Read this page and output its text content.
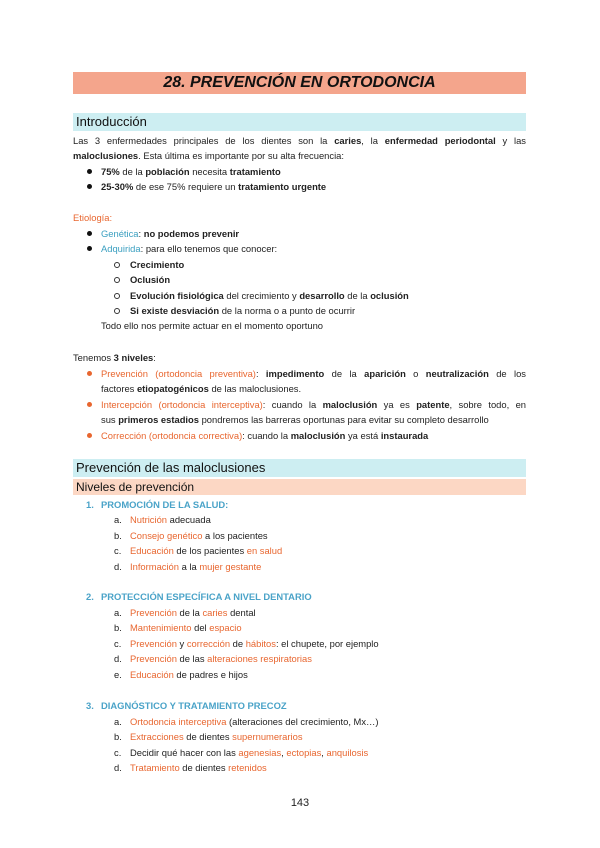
28. PREVENCIÓN EN ORTODONCIA
Introducción
Las 3 enfermedades principales de los dientes son la caries, la enfermedad periodontal y las
maloclusiones. Esta última es importante por su alta frecuencia:
75% de la población necesita tratamiento
25-30% de ese 75% requiere un tratamiento urgente
Etiología:
Genética: no podemos prevenir
Adquirida: para ello tenemos que conocer:
Crecimiento
Oclusión
Evolución fisiológica del crecimiento y desarrollo de la oclusión
Si existe desviación de la norma o a punto de ocurrir
Todo ello nos permite actuar en el momento oportuno
Tenemos 3 niveles:
Prevención (ortodoncia preventiva): impedimento de la aparición o neutralización de los
factores etiopatogénicos de las maloclusiones.
Intercepción (ortodoncia interceptiva): cuando la maloclusión ya es patente, sobre todo, en
sus primeros estadios pondremos las barreras oportunas para evitar su completo desarrollo
Corrección (ortodoncia correctiva): cuando la maloclusión ya está instaurada
Prevención de las maloclusiones
Niveles de prevención
1. PROMOCIÓN DE LA SALUD:
a. Nutrición adecuada
b. Consejo genético a los pacientes
c. Educación de los pacientes en salud
d. Información a la mujer gestante
2. PROTECCIÓN ESPECÍFICA A NIVEL DENTARIO
a. Prevención de la caries dental
b. Mantenimiento del espacio
c. Prevención y corrección de hábitos: el chupete, por ejemplo
d. Prevención de las alteraciones respiratorias
e. Educación de padres e hijos
3. DIAGNÓSTICO Y TRATAMIENTO PRECOZ
a. Ortodoncia interceptiva (alteraciones del crecimiento, Mx…)
b. Extracciones de dientes supernumerarios
c. Decidir qué hacer con las agenesias, ectopias, anquilosis
d. Tratamiento de dientes retenidos
143
